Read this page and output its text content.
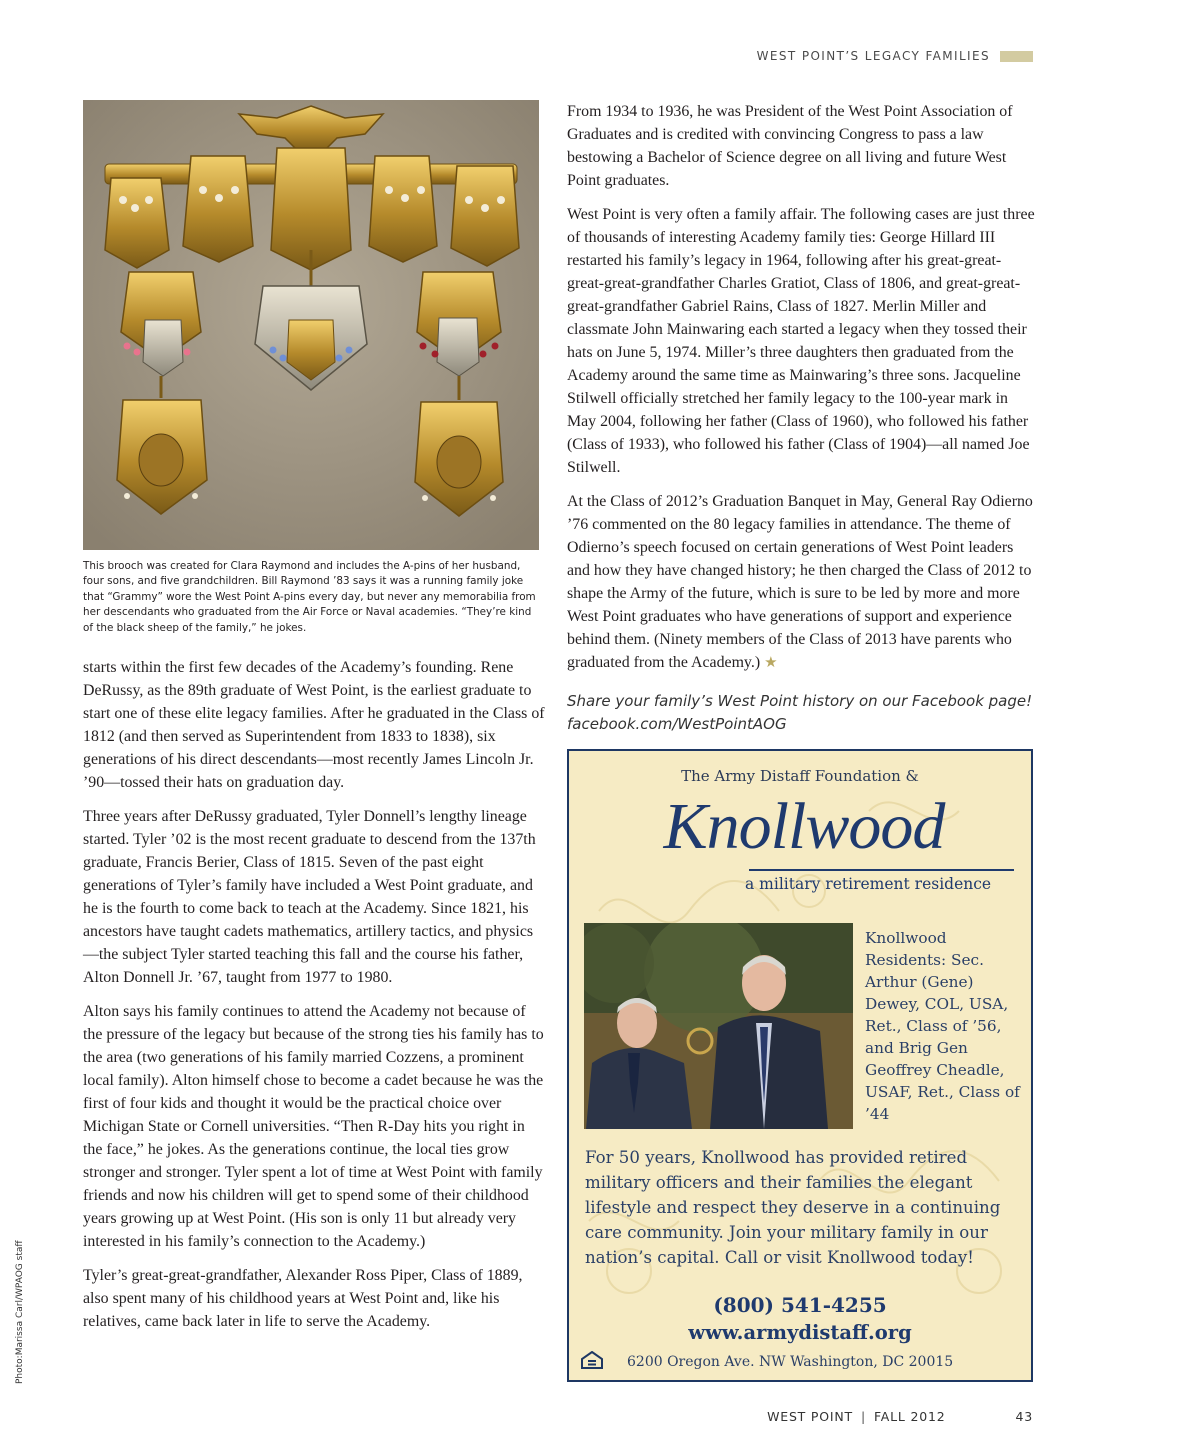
WEST POINT’S LEGACY FAMILIES
This brooch was created for Clara Raymond and includes the A-pins of her husband, four sons, and five grandchildren. Bill Raymond ’83 says it was a running family joke that “Grammy” wore the West Point A-pins every day, but never any memorabilia from her descendants who graduated from the Air Force or Naval academies. “They’re kind of the black sheep of the family,” he jokes.
Photo:Marissa Carl/WPAOG staff

starts within the first few decades of the Academy’s founding. Rene DeRussy, as the 89th graduate of West Point, is the earliest graduate to start one of these elite legacy families. After he graduated in the Class of 1812 (and then served as Superintendent from 1833 to 1838), six generations of his direct descendants—most recently James Lincoln Jr. ’90—tossed their hats on graduation day.

Three years after DeRussy graduated, Tyler Donnell’s lengthy lineage started. Tyler ’02 is the most recent graduate to descend from the 137th graduate, Francis Berier, Class of 1815. Seven of the past eight generations of Tyler’s family have included a West Point graduate, and he is the fourth to come back to teach at the Academy. Since 1821, his ancestors have taught cadets mathematics, artillery tactics, and physics—the subject Tyler started teaching this fall and the course his father, Alton Donnell Jr. ’67, taught from 1977 to 1980.

Alton says his family continues to attend the Academy not because of the pressure of the legacy but because of the strong ties his family has to the area (two generations of his family married Cozzens, a prominent local family). Alton himself chose to become a cadet because he was the first of four kids and thought it would be the practical choice over Michigan State or Cornell universities. “Then R-Day hits you right in the face,” he jokes. As the generations continue, the local ties grow stronger and stronger. Tyler spent a lot of time at West Point with family friends and now his children will get to spend some of their childhood years growing up at West Point. (His son is only 11 but already very interested in his family’s connection to the Academy.)

Tyler’s great-great-grandfather, Alexander Ross Piper, Class of 1889, also spent many of his childhood years at West Point and, like his relatives, came back later in life to serve the Academy.

From 1934 to 1936, he was President of the West Point Association of Graduates and is credited with convincing Congress to pass a law bestowing a Bachelor of Science degree on all living and future West Point graduates.

West Point is very often a family affair. The following cases are just three of thousands of interesting Academy family ties: George Hillard III restarted his family’s legacy in 1964, following after his great-great-great-great-grandfather Charles Gratiot, Class of 1806, and great-great-great-grandfather Gabriel Rains, Class of 1827. Merlin Miller and classmate John Mainwaring each started a legacy when they tossed their hats on June 5, 1974. Miller’s three daughters then graduated from the Academy around the same time as Mainwaring’s three sons. Jacqueline Stilwell officially stretched her family legacy to the 100-year mark in May 2004, following her father (Class of 1960), who followed his father (Class of 1933), who followed his father (Class of 1904)—all named Joe Stilwell.

At the Class of 2012’s Graduation Banquet in May, General Ray Odierno ’76 commented on the 80 legacy families in attendance. The theme of Odierno’s speech focused on certain generations of West Point leaders and how they have changed history; he then charged the Class of 2012 to shape the Army of the future, which is sure to be led by more and more West Point graduates who have generations of support and experience behind them. (Ninety members of the Class of 2013 have parents who graduated from the Academy.) ★

Share your family’s West Point history on our Facebook page!
facebook.com/WestPointAOG
The Army Distaff Foundation &
Knollwood
a military retirement residence
Knollwood Residents: Sec. Arthur (Gene) Dewey, COL, USA, Ret., Class of ’56, and Brig Gen Geoffrey Cheadle, USAF, Ret., Class of ’44
For 50 years, Knollwood has provided retired military officers and their families the elegant lifestyle and respect they deserve in a continuing care community. Join your military family in our nation’s capital. Call or visit Knollwood today!
(800) 541-4255
www.armydistaff.org
6200 Oregon Ave. NW Washington, DC 20015
WEST POINT | FALL 2012	43
